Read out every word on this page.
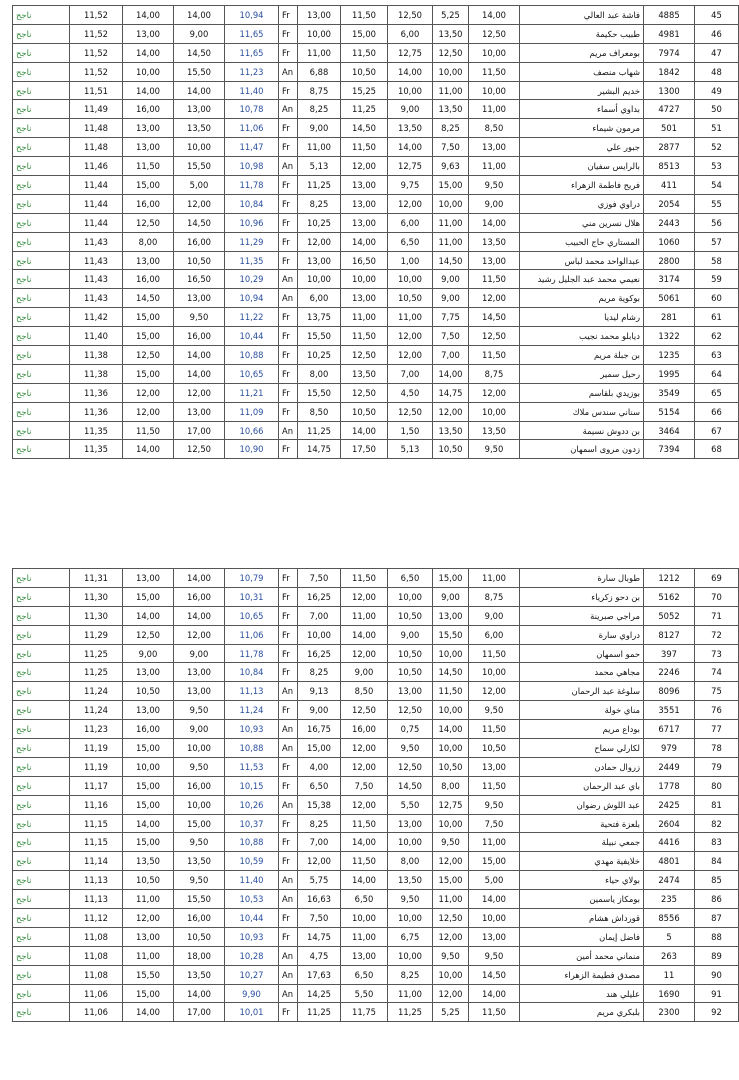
ناجح	11,52	14,00	14,00	10,94	Fr	13,00	11,50	12,50	5,25	14,00	فاشة عبد العالي	4885	45
ناجح	11,52	13,00	9,00	11,65	Fr	10,00	15,00	6,00	13,50	12,50	طبيب حكيمة	4981	46
ناجح	11,52	14,00	14,50	11,65	Fr	11,00	11,50	12,75	12,50	10,00	بومعراف مريم	7974	47
ناجح	11,52	10,00	15,50	11,23	An	6,88	10,50	14,00	10,00	11,50	شهاب منصف	1842	48
ناجح	11,51	14,00	14,00	11,40	Fr	8,75	15,25	10,00	11,00	10,00	خديم البشير	1300	49
ناجح	11,49	16,00	13,00	10,78	An	8,25	11,25	9,00	13,50	11,00	بداوي أسماء	4727	50
ناجح	11,48	13,00	13,50	11,06	Fr	9,00	14,50	13,50	8,25	8,50	مرمون شيماء	501	51
ناجح	11,48	13,00	10,00	11,47	Fr	11,00	11,50	14,00	7,50	13,00	جبور علي	2877	52
ناجح	11,46	11,50	15,50	10,98	An	5,13	12,00	12,75	9,63	11,00	بالرايس سفيان	8513	53
ناجح	11,44	15,00	5,00	11,78	Fr	11,25	13,00	9,75	15,00	9,50	فريح فاطمة الزهراء	411	54
ناجح	11,44	16,00	12,00	10,84	Fr	8,25	13,00	12,00	10,00	9,00	دراوي فوزي	2054	55
ناجح	11,44	12,50	14,50	10,96	Fr	10,25	13,00	6,00	11,00	14,00	هلال نسرين مني	2443	56
ناجح	11,43	8,00	16,00	11,29	Fr	12,00	14,00	6,50	11,00	13,50	المستاري حاج الحبيب	1060	57
ناجح	11,43	13,00	10,50	11,35	Fr	13,00	16,50	1,00	14,50	13,00	عبدالواحد محمد لباس	2800	58
ناجح	11,43	16,00	16,50	10,29	An	10,00	10,00	10,00	9,00	11,50	نعيمي محمد عبد الجليل رشيد	3174	59
ناجح	11,43	14,50	13,00	10,94	An	6,00	13,00	10,50	9,00	12,00	بوكوية مريم	5061	60
ناجح	11,42	15,00	9,50	11,22	Fr	13,75	11,00	11,00	7,75	14,50	رشام ليديا	281	61
ناجح	11,40	15,00	16,00	10,44	Fr	15,50	11,50	12,00	7,50	12,50	ديابلو محمد نجيب	1322	62
ناجح	11,38	12,50	14,00	10,88	Fr	10,25	12,50	12,00	7,00	11,50	بن جبلة مريم	1235	63
ناجح	11,38	15,00	14,00	10,65	Fr	8,00	13,50	7,00	14,00	8,75	رحيل سمير	1995	64
ناجح	11,36	12,00	12,00	11,21	Fr	15,50	12,50	4,50	14,75	12,00	بوزيدي بلقاسم	3549	65
ناجح	11,36	12,00	13,00	11,09	Fr	8,50	10,50	12,50	12,00	10,00	سناني سندس ملاك	5154	66
ناجح	11,35	11,50	17,00	10,66	An	11,25	14,00	1,50	13,50	13,50	بن ددوش نسيمة	3464	67
ناجح	11,35	14,00	12,50	10,90	Fr	14,75	17,50	5,13	10,50	9,50	زدون مروى اسمهان	7394	68
ناجح	11,31	13,00	14,00	10,79	Fr	7,50	11,50	6,50	15,00	11,00	طوبال سارة	1212	69
ناجح	11,30	15,00	16,00	10,31	Fr	16,25	12,00	10,00	9,00	8,75	بن دحو زكرياء	5162	70
ناجح	11,30	14,00	14,00	10,65	Fr	7,00	11,00	10,50	13,00	9,00	مراجي صبرينة	5052	71
ناجح	11,29	12,50	12,00	11,06	Fr	10,00	14,00	9,00	15,50	6,00	دراوي سارة	8127	72
ناجح	11,25	9,00	9,00	11,78	Fr	16,25	12,00	10,50	10,00	11,50	حمو اسمهان	397	73
ناجح	11,25	13,00	13,00	10,84	Fr	8,25	9,00	10,50	14,50	10,00	مجاهي محمد	2246	74
ناجح	11,24	10,50	13,00	11,13	An	9,13	8,50	13,00	11,50	12,00	سلوغة عبد الرحمان	8096	75
ناجح	11,24	13,00	9,50	11,24	Fr	9,00	12,50	12,50	10,00	9,50	مناي خولة	3551	76
ناجح	11,23	16,00	9,00	10,93	An	16,75	16,00	0,75	14,00	11,50	بوداع مريم	6717	77
ناجح	11,19	15,00	10,00	10,88	An	15,00	12,00	9,50	10,00	10,50	لكارلي سماح	979	78
ناجح	11,19	10,00	9,50	11,53	Fr	4,00	12,00	12,50	10,50	13,00	زروال حمادن	2449	79
ناجح	11,17	15,00	16,00	10,15	Fr	6,50	7,50	14,50	8,00	11,50	باي عبد الرحمان	1778	80
ناجح	11,16	15,00	10,00	10,26	An	15,38	12,00	5,50	12,75	9,50	عبد اللوش رضوان	2425	81
ناجح	11,15	14,00	15,00	10,37	Fr	8,25	11,50	13,00	10,00	7,50	بلعزة فتحية	2604	82
ناجح	11,15	15,00	9,50	10,88	Fr	7,00	14,00	10,00	9,50	11,00	جمعي نبيلة	4416	83
ناجح	11,14	13,50	13,50	10,59	Fr	12,00	11,50	8,00	12,00	15,00	خلايفية مهدي	4801	84
ناجح	11,13	10,50	9,50	11,40	An	5,75	14,00	13,50	15,00	5,00	بولاي حياء	2474	85
ناجح	11,13	11,00	15,50	10,53	An	16,63	6,50	9,50	11,00	14,00	بومكاز ياسمين	235	86
ناجح	11,12	12,00	16,00	10,44	Fr	7,50	10,00	10,00	12,50	10,00	قورداش هشام	8556	87
ناجح	11,08	13,00	10,50	10,93	Fr	14,75	11,00	6,75	12,00	13,00	فاضل إيمان	5	88
ناجح	11,08	11,00	18,00	10,28	An	4,75	13,00	10,00	9,50	9,50	منماني محمد أمين	263	89
ناجح	11,08	15,50	13,50	10,27	An	17,63	6,50	8,25	10,00	14,50	مصدق فطيمة الزهراء	11	90
ناجح	11,06	15,00	14,00	9,90	An	14,25	5,50	11,00	12,00	14,00	عليلي هند	1690	91
ناجح	11,06	14,00	17,00	10,01	Fr	11,25	11,75	11,25	5,25	11,50	بلبكري مريم	2300	92
